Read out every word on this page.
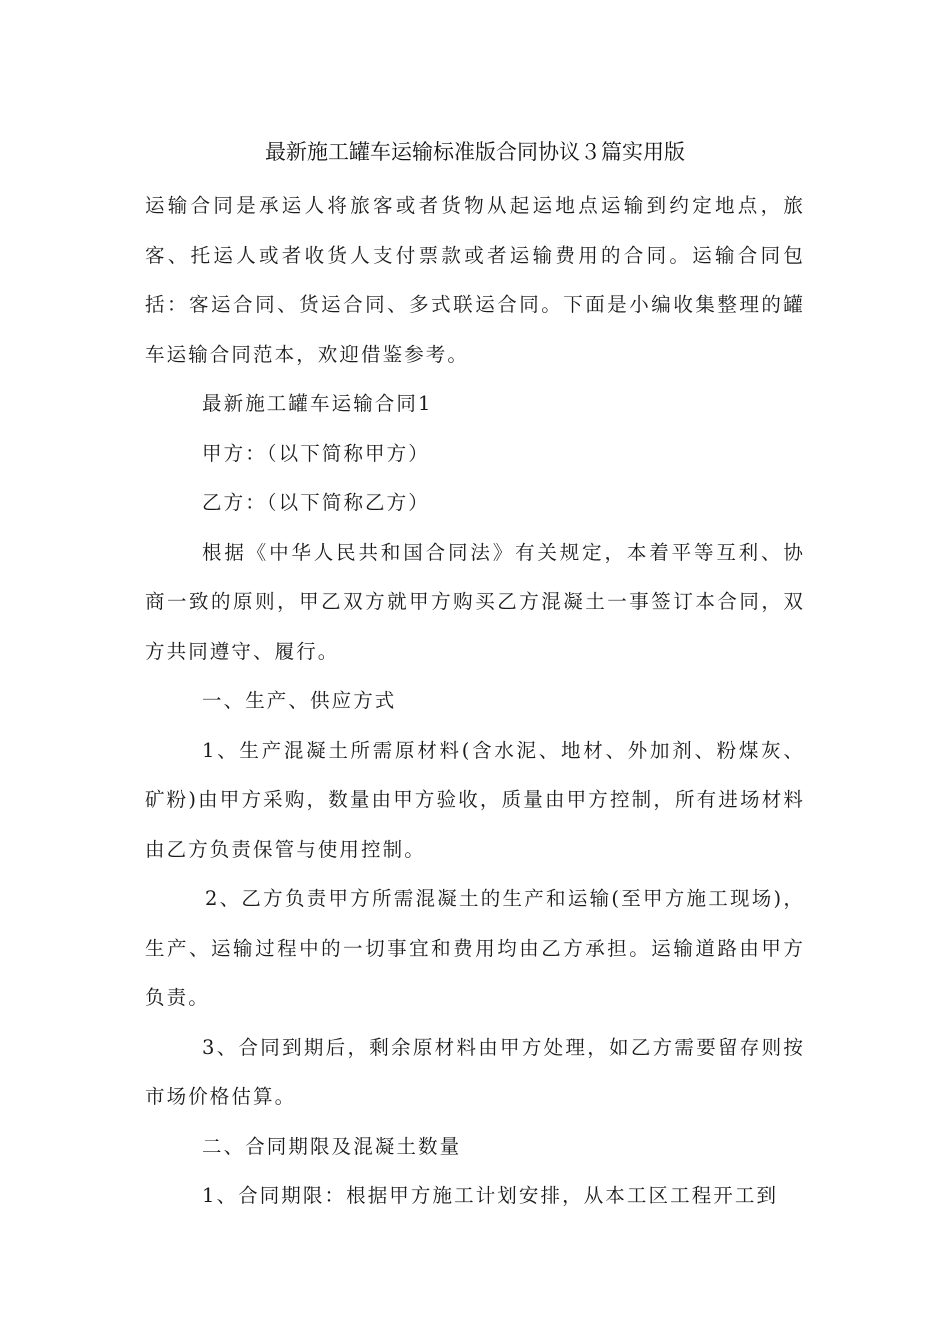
最新施工罐车运输标准版合同协议３篇实用版

运输合同是承运人将旅客或者货物从起运地点运输到约定地点，旅客、托运人或者收货人支付票款或者运输费用的合同。运输合同包括：客运合同、货运合同、多式联运合同。下面是小编收集整理的罐车运输合同范本，欢迎借鉴参考。

最新施工罐车运输合同1

甲方：（以下简称甲方）

乙方：（以下简称乙方）

根据《中华人民共和国合同法》有关规定，本着平等互利、协商一致的原则，甲乙双方就甲方购买乙方混凝土一事签订本合同，双方共同遵守、履行。

一、生产、供应方式

1、生产混凝土所需原材料(含水泥、地材、外加剂、粉煤灰、矿粉)由甲方采购，数量由甲方验收，质量由甲方控制，所有进场材料由乙方负责保管与使用控制。

2、乙方负责甲方所需混凝土的生产和运输(至甲方施工现场)，生产、运输过程中的一切事宜和费用均由乙方承担。运输道路由甲方负责。

3、合同到期后，剩余原材料由甲方处理，如乙方需要留存则按市场价格估算。

二、合同期限及混凝土数量

1、合同期限：根据甲方施工计划安排，从本工区工程开工到
